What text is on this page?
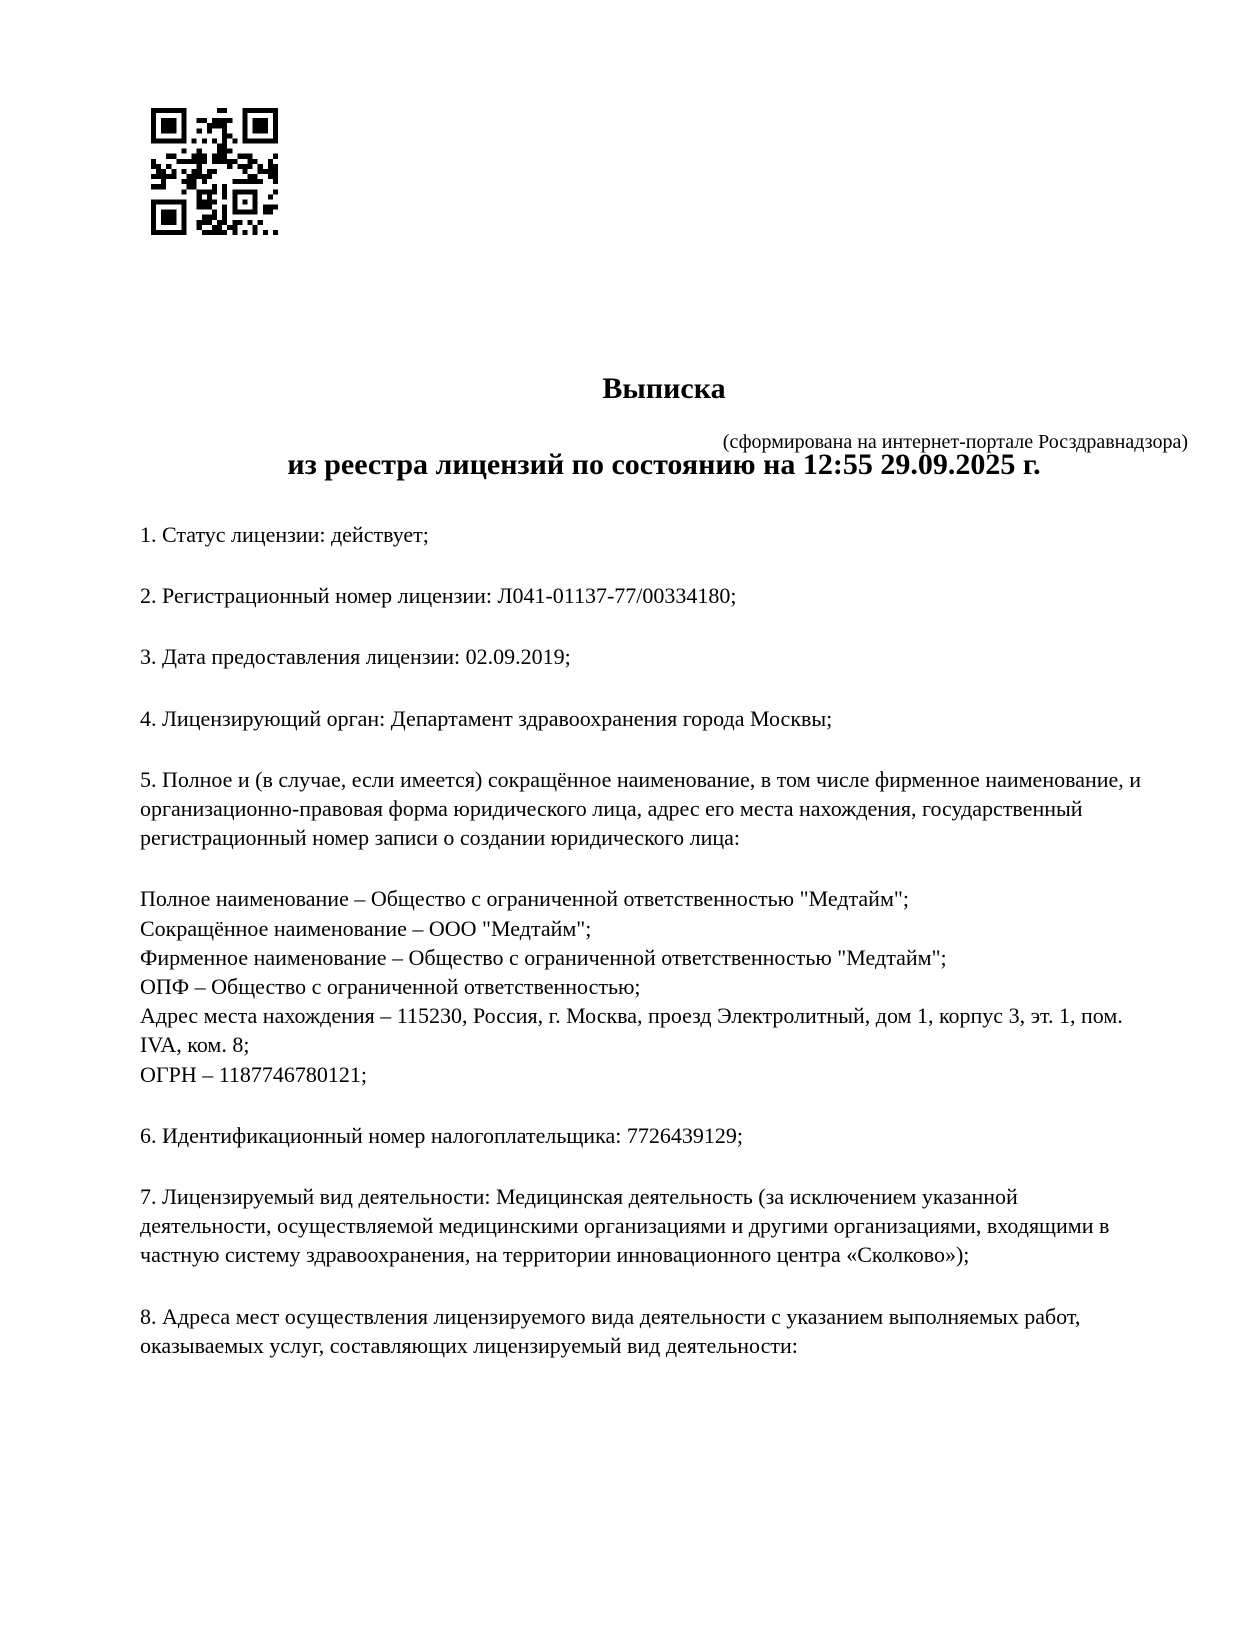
Выписка

из реестра лицензий по состоянию на 12:55 29.09.2025 г.

(сформирована на интернет-портале Росздравнадзора)

1. Статус лицензии: действует;

2. Регистрационный номер лицензии: Л041-01137-77/00334180;

3. Дата предоставления лицензии: 02.09.2019;

4. Лицензирующий орган: Департамент здравоохранения города Москвы;

5. Полное и (в случае, если имеется) сокращённое наименование, в том числе фирменное наименование, и организационно-правовая форма юридического лица, адрес его места нахождения, государственный регистрационный номер записи о создании юридического лица:

Полное наименование – Общество с ограниченной ответственностью "Медтайм";
Сокращённое наименование – ООО "Медтайм";
Фирменное наименование – Общество с ограниченной ответственностью "Медтайм";
ОПФ – Общество с ограниченной ответственностью;
Адрес места нахождения – 115230, Россия, г. Москва, проезд Электролитный, дом 1, корпус 3, эт. 1, пом. IVA, ком. 8;
ОГРН – 1187746780121;

6. Идентификационный номер налогоплательщика: 7726439129;

7. Лицензируемый вид деятельности: Медицинская деятельность (за исключением указанной деятельности, осуществляемой медицинскими организациями и другими организациями, входящими в частную систему здравоохранения, на территории инновационного центра «Сколково»);

8. Адреса мест осуществления лицензируемого вида деятельности с указанием выполняемых работ, оказываемых услуг, составляющих лицензируемый вид деятельности:
